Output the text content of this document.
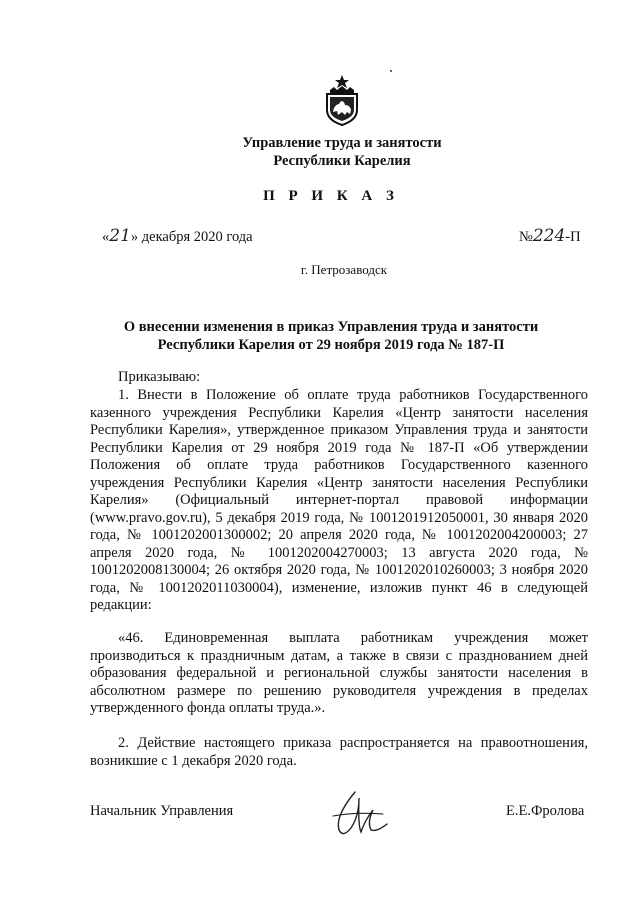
Управление труда и занятости
Республики Карелия
П Р И К А З
«21» декабря 2020 года	№224-П
г. Петрозаводск
О внесении изменения в приказ Управления труда и занятости
Республики Карелия от 29 ноября 2019 года № 187-П
Приказываю:
1. Внести в Положение об оплате труда работников Государственного казенного учреждения Республики Карелия «Центр занятости населения Республики Карелия», утвержденное приказом Управления труда и занятости Республики Карелия от 29 ноября 2019 года № 187-П «Об утверждении Положения об оплате труда работников Государственного казенного учреждения Республики Карелия «Центр занятости населения Республики Карелия» (Официальный интернет-портал правовой информации (www.pravo.gov.ru), 5 декабря 2019 года, № 1001201912050001, 30 января 2020 года, № 1001202001300002; 20 апреля 2020 года, № 1001202004200003; 27 апреля 2020 года, № 1001202004270003; 13 августа 2020 года, № 1001202008130004; 26 октября 2020 года, № 1001202010260003; 3 ноября 2020 года, № 1001202011030004), изменение, изложив пункт 46 в следующей редакции:
«46. Единовременная выплата работникам учреждения может производиться к праздничным датам, а также в связи с празднованием дней образования федеральной и региональной службы занятости населения в абсолютном размере по решению руководителя учреждения в пределах утвержденного фонда оплаты труда.».
2. Действие настоящего приказа распространяется на правоотношения, возникшие с 1 декабря 2020 года.
Начальник Управления	Е.Е.Фролова
